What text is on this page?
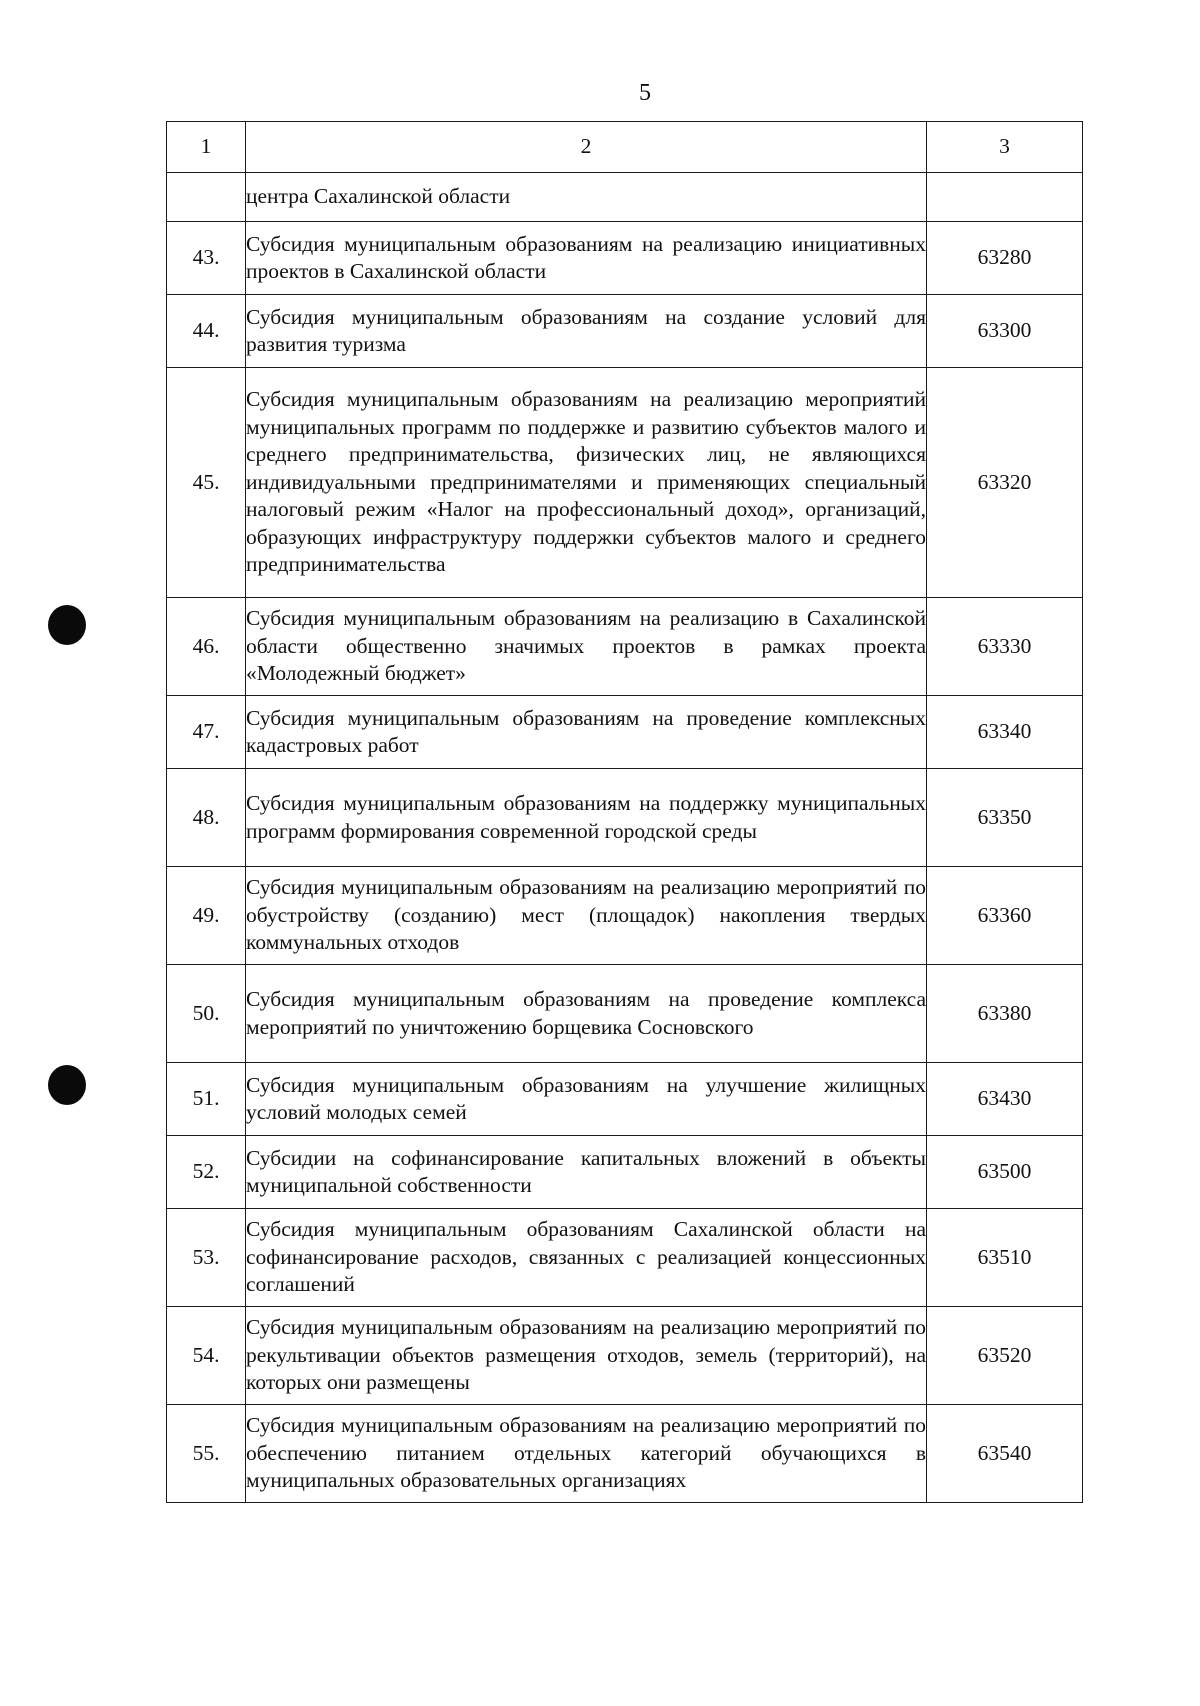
5
1	2	3
	центра Сахалинской области	
43.	Субсидия муниципальным образованиям на реализацию инициативных проектов в Сахалинской области	63280
44.	Субсидия муниципальным образованиям на создание условий для развития туризма	63300
45.	Субсидия муниципальным образованиям на реализацию мероприятий муниципальных программ по поддержке и развитию субъектов малого и среднего предпринимательства, физических лиц, не являющихся индивидуальными предпринимателями и применяющих специальный налоговый режим «Налог на профессиональный доход», организаций, образующих инфраструктуру поддержки субъектов малого и среднего предпринимательства	63320
46.	Субсидия муниципальным образованиям на реализацию в Сахалинской области общественно значимых проектов в рамках проекта «Молодежный бюджет»	63330
47.	Субсидия муниципальным образованиям на проведение комплексных кадастровых работ	63340
48.	Субсидия муниципальным образованиям на поддержку муниципальных программ формирования современной городской среды	63350
49.	Субсидия муниципальным образованиям на реализацию мероприятий по обустройству (созданию) мест (площадок) накопления твердых коммунальных отходов	63360
50.	Субсидия муниципальным образованиям на проведение комплекса мероприятий по уничтожению борщевика Сосновского	63380
51.	Субсидия муниципальным образованиям на улучшение жилищных условий молодых семей	63430
52.	Субсидии на софинансирование капитальных вложений в объекты муниципальной собственности	63500
53.	Субсидия муниципальным образованиям Сахалинской области на софинансирование расходов, связанных с реализацией концессионных соглашений	63510
54.	Субсидия муниципальным образованиям на реализацию мероприятий по рекультивации объектов размещения отходов, земель (территорий), на которых они размещены	63520
55.	Субсидия муниципальным образованиям на реализацию мероприятий по обеспечению питанием отдельных категорий обучающихся в муниципальных образовательных организациях	63540
